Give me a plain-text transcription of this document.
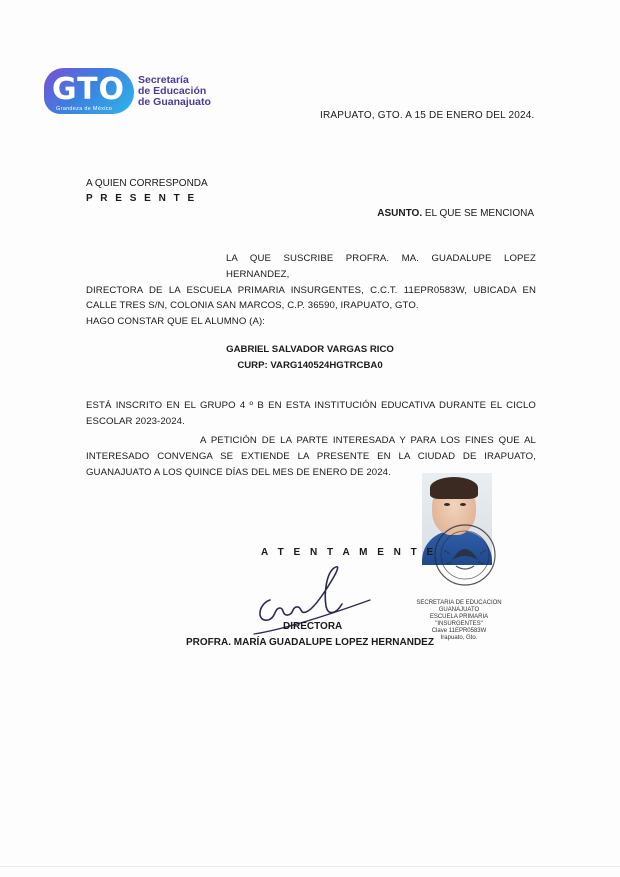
GTO
Grandeza de México
Secretaría
de Educación
de Guanajuato
IRAPUATO, GTO. A 15 DE ENERO DEL 2024.
A QUIEN CORRESPONDA
P R E S E N T E
ASUNTO. EL QUE SE MENCIONA
LA QUE SUSCRIBE PROFRA. MA. GUADALUPE LOPEZ HERNANDEZ,
DIRECTORA DE LA ESCUELA PRIMARIA INSURGENTES, C.C.T. 11EPR0583W, UBICADA EN
CALLE TRES S/N, COLONIA SAN MARCOS, C.P. 36590, IRAPUATO, GTO.
HAGO CONSTAR QUE EL ALUMNO (A):
GABRIEL SALVADOR VARGAS RICO
CURP: VARG140524HGTRCBA0
ESTÁ INSCRITO EN EL GRUPO 4 º B EN ESTA INSTITUCIÓN EDUCATIVA DURANTE EL CICLO
ESCOLAR 2023-2024.
A PETICIÓN DE LA PARTE INTERESADA Y PARA LOS FINES QUE AL
INTERESADO CONVENGA SE EXTIENDE LA PRESENTE EN LA CIUDAD DE IRAPUATO,
GUANAJUATO A LOS QUINCE DÍAS DEL MES DE ENERO DE 2024.
SECRETARIA DE EDUCACION
GUANAJUATO
ESCUELA PRIMARIA
"INSURGENTES"
Clave 11EPR0583W
Irapuato, Gto.
A T E N T A M E N T E
DIRECTORA
PROFRA. MARÍA GUADALUPE LOPEZ HERNANDEZ
